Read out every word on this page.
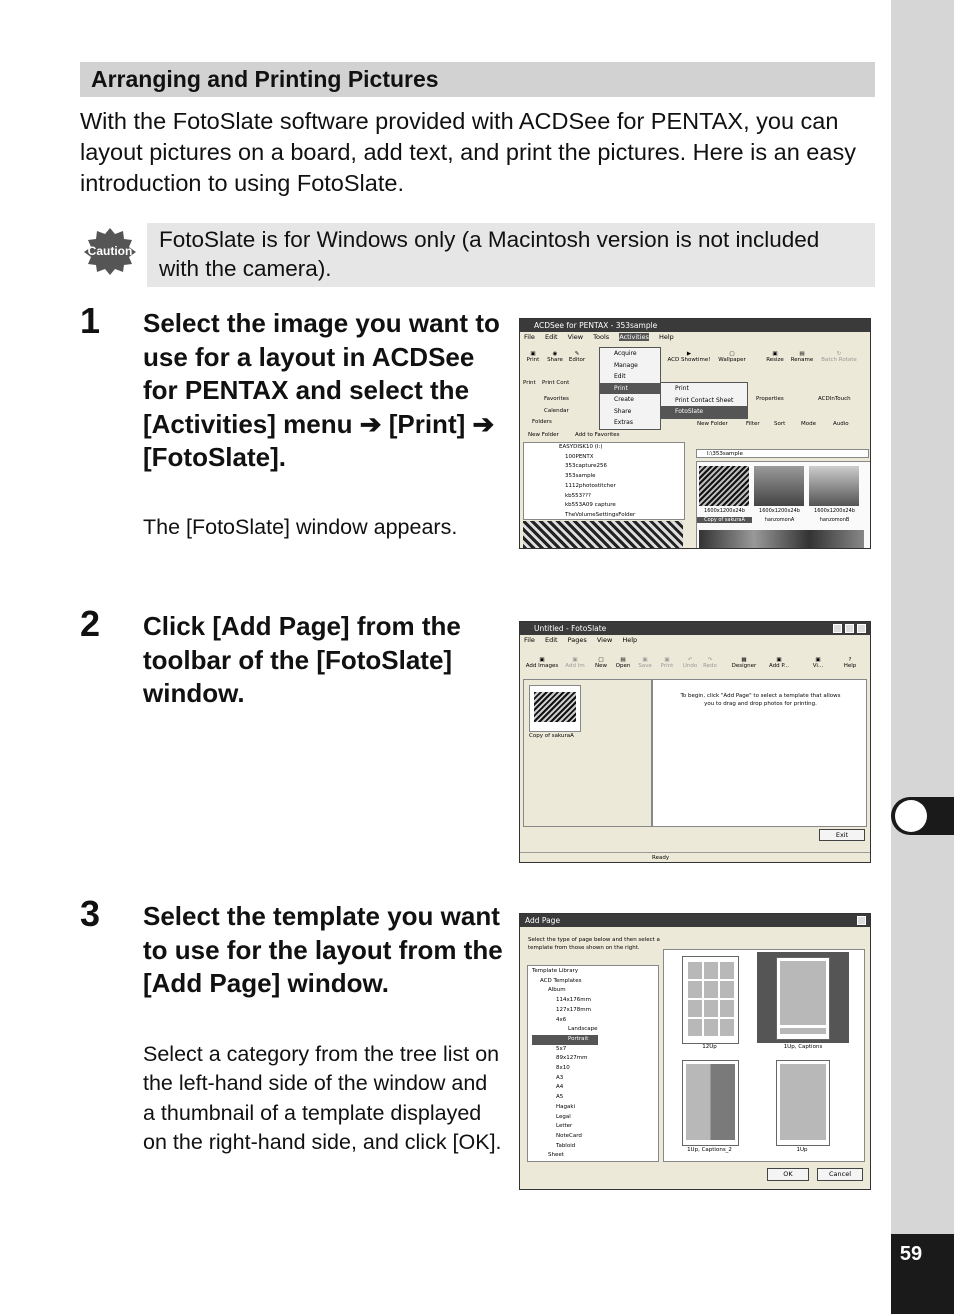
59
Arranging and Printing Pictures

With the FotoSlate software provided with ACDSee for PENTAX, you can layout pictures on a board, add text, and print the pictures. Here is an easy introduction to using FotoSlate.

Caution	FotoSlate is for Windows only (a Macintosh version is not included with the camera).
1 Select the image you want to use for a layout in ACDSee for PENTAX and select the [Activities] menu ➔ [Print] ➔ [FotoSlate].

The [FotoSlate] window appears.

2 Click [Add Page] from the toolbar of the [FotoSlate] window.

3 Select the template you want to use for the layout from the [Add Page] window.

Select a category from the tree list on the left-hand side of the window and a thumbnail of a template displayed on the right-hand side, and click [OK].

ACDSee for PENTAX - 353sample
File Edit View Tools Activities Help
▣
Print
◉
Share
✎
Editor
▶
ACD Showtime!
▢
Wallpaper
▣
Resize
▤
Rename
↻
Batch Rotate
Print Print Cont
Favorites
Calendar
Folders
New Folder	Add to Favorites
EASYDISK10 (I:)
100PENTX
353capture256
353sample
1112photostitcher
kb553???
kb553A09 capture
TheVolumeSettingsFolder
Acquire
Manage
Edit
Print
Create
Share
Extras
Print
Print Contact Sheet
FotoSlate
Properties	ACDInTouch
New Folder	Filter	Sort	Mode	Audio
I:\353sample
1600x1200x24b	1600x1200x24b	1600x1200x24b
Copy of sakuraA	hanzomonA	hanzomonB
Untitled - FotoSlate
File Edit Pages View Help
▣
Add Images
▣
Add Im
□
New
▤
Open
▣
Save
▣
Print
↶
Undo
↷
Redo
▦
Designer
▣
Add P...
▣
Vi...
?
Help
Copy of sakuraA
To begin, click "Add Page" to select a template that allows you to drag and drop photos for printing.
Exit
Ready
Add Page
Select the type of page below and then select a template from those shown on the right.
Template Library
ACD Templates
Album
114x176mm
127x178mm
4x6
Landscape
Portrait
5x7
89x127mm
8x10
A3
A4
A5
Hagaki
Legal
Letter
NoteCard
Tabloid
Sheet
12Up	1Up, Captions
1Up, Captions_2	1Up
OK	Cancel
